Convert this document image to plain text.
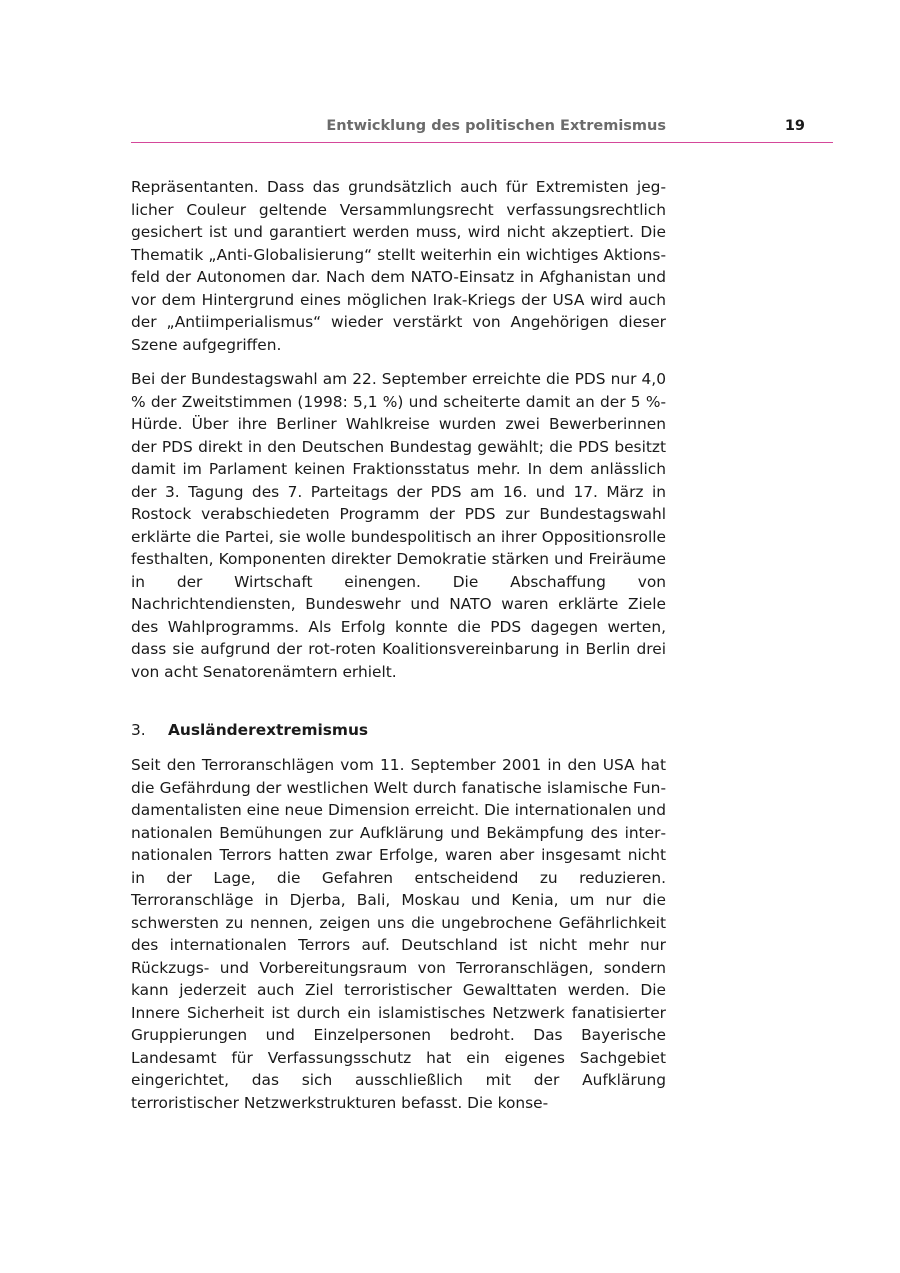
Entwicklung des politischen Extremismus	19

Repräsentanten. Dass das grundsätzlich auch für Extremisten jeglicher Couleur geltende Versammlungsrecht verfassungsrechtlich gesichert ist und garantiert werden muss, wird nicht akzeptiert. Die Thematik „Anti-Globalisierung“ stellt weiterhin ein wichtiges Aktionsfeld der Autonomen dar. Nach dem NATO-Einsatz in Afghanistan und vor dem Hintergrund eines möglichen Irak-Kriegs der USA wird auch der „Antiimperialismus“ wieder verstärkt von Angehörigen dieser Szene aufgegriffen.

Bei der Bundestagswahl am 22. September erreichte die PDS nur 4,0 % der Zweitstimmen (1998: 5,1 %) und scheiterte damit an der 5 %-Hürde. Über ihre Berliner Wahlkreise wurden zwei Bewerberinnen der PDS direkt in den Deutschen Bundestag gewählt; die PDS besitzt damit im Parlament keinen Fraktionsstatus mehr. In dem anlässlich der 3. Tagung des 7. Parteitags der PDS am 16. und 17. März in Rostock verabschiedeten Programm der PDS zur Bundestagswahl erklärte die Partei, sie wolle bundespolitisch an ihrer Oppositionsrolle festhalten, Komponenten direkter Demokratie stärken und Freiräume in der Wirtschaft einengen. Die Abschaffung von Nachrichtendiensten, Bundeswehr und NATO waren erklärte Ziele des Wahlprogramms. Als Erfolg konnte die PDS dagegen werten, dass sie aufgrund der rot-roten Koalitionsvereinbarung in Berlin drei von acht Senatorenämtern erhielt.

3.	Ausländerextremismus

Seit den Terroranschlägen vom 11. September 2001 in den USA hat die Gefährdung der westlichen Welt durch fanatische islamische Fundamentalisten eine neue Dimension erreicht. Die internationalen und nationalen Bemühungen zur Aufklärung und Bekämpfung des internationalen Terrors hatten zwar Erfolge, waren aber insgesamt nicht in der Lage, die Gefahren entscheidend zu reduzieren. Terroranschläge in Djerba, Bali, Moskau und Kenia, um nur die schwersten zu nennen, zeigen uns die ungebrochene Gefährlichkeit des internationalen Terrors auf. Deutschland ist nicht mehr nur Rückzugs- und Vorbereitungsraum von Terroranschlägen, sondern kann jederzeit auch Ziel terroristischer Gewalttaten werden. Die Innere Sicherheit ist durch ein islamistisches Netzwerk fanatisierter Gruppierungen und Einzelpersonen bedroht. Das Bayerische Landesamt für Verfassungsschutz hat ein eigenes Sachgebiet eingerichtet, das sich ausschließlich mit der Aufklärung terroristischer Netzwerkstrukturen befasst. Die konse-
